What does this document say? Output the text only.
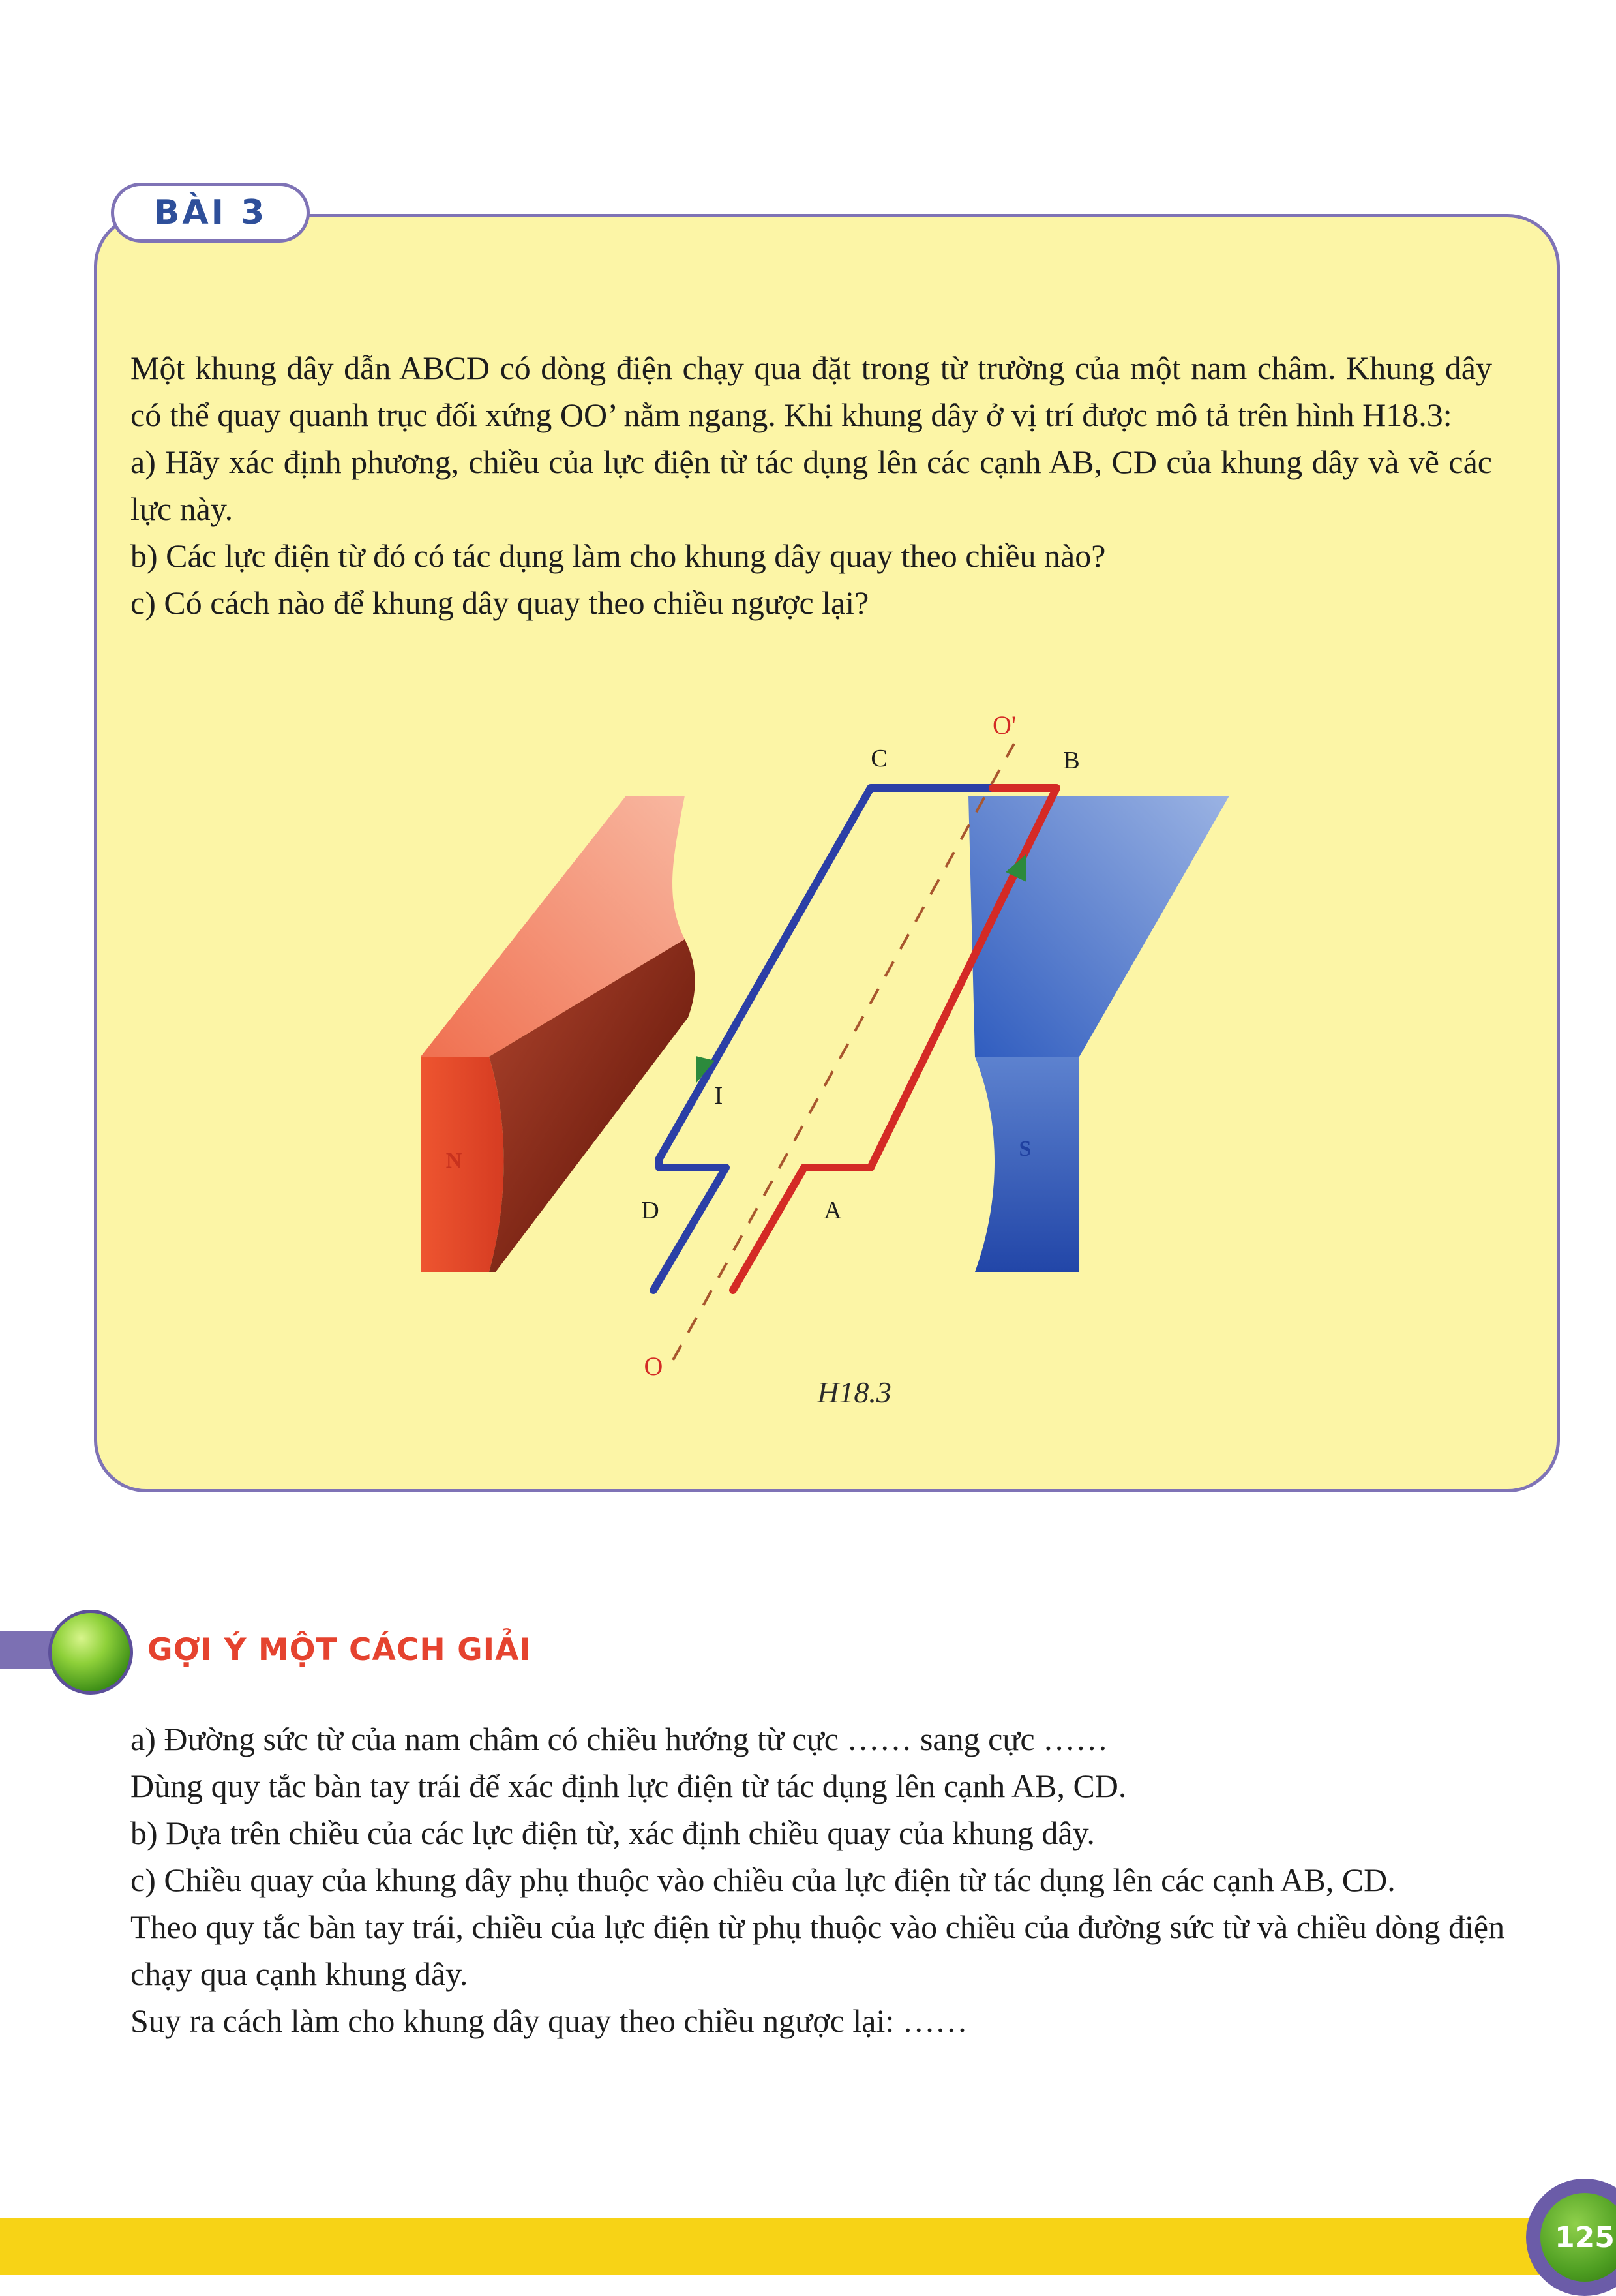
BÀI 3

Một khung dây dẫn ABCD có dòng điện chạy qua đặt trong từ trường của một nam châm. Khung dây có thể quay quanh trục đối xứng OO’ nằm ngang. Khi khung dây ở vị trí được mô tả trên hình H18.3:

a) Hãy xác định phương, chiều của lực điện từ tác dụng lên các cạnh AB, CD của khung dây và vẽ các lực này.

b) Các lực điện từ đó có tác dụng làm cho khung dây quay theo chiều nào?

c) Có cách nào để khung dây quay theo chiều ngược lại?

N	S
O'
O
C	B
D	A
I
H18.3
GỢI Ý MỘT CÁCH GIẢI

a) Đường sức từ của nam châm có chiều hướng từ cực …… sang cực ……

Dùng quy tắc bàn tay trái để xác định lực điện từ tác dụng lên cạnh AB, CD.

b) Dựa trên chiều của các lực điện từ, xác định chiều quay của khung dây.

c) Chiều quay của khung dây phụ thuộc vào chiều của lực điện từ tác dụng lên các cạnh AB, CD.

Theo quy tắc bàn tay trái, chiều của lực điện từ phụ thuộc vào chiều của đường sức từ và chiều dòng điện chạy qua cạnh khung dây.

Suy ra cách làm cho khung dây quay theo chiều ngược lại: ……

125
